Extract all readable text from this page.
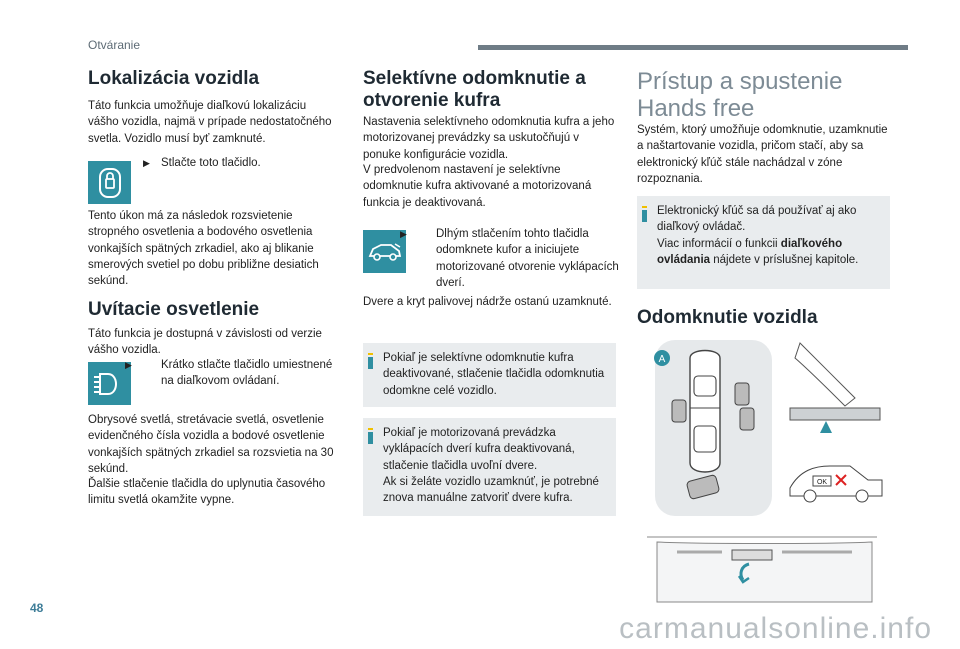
Otváranie
Lokalizácia vozidla
Táto funkcia umožňuje diaľkovú lokalizáciu vášho vozidla, najmä v prípade nedostatočného svetla. Vozidlo musí byť zamknuté.
▶ Stlačte toto tlačidlo.
Tento úkon má za následok rozsvietenie stropného osvetlenia a bodového osvetlenia vonkajších spätných zrkadiel, ako aj blikanie smerových svetiel po dobu približne desiatich sekúnd.
Uvítacie osvetlenie
Táto funkcia je dostupná v závislosti od verzie vášho vozidla.
▶	Krátko stlačte tlačidlo umiestnené na diaľkovom ovládaní.
Obrysové svetlá, stretávacie svetlá, osvetlenie evidenčného čísla vozidla a bodové osvetlenie vonkajších spätných zrkadiel sa rozsvietia na 30 sekúnd.
Ďalšie stlačenie tlačidla do uplynutia časového limitu svetlá okamžite vypne.
Selektívne odomknutie a otvorenie kufra
Nastavenia selektívneho odomknutia kufra a jeho motorizovanej prevádzky sa uskutočňujú v ponuke konfigurácie vozidla.
V predvolenom nastavení je selektívne odomknutie kufra aktivované a motorizovaná funkcia je deaktivovaná.
▶	Dlhým stlačením tohto tlačidla odomknete kufor a iniciujete motorizované otvorenie vyklápacích dverí.
Dvere a kryt palivovej nádrže ostanú uzamknuté.
Pokiaľ je selektívne odomknutie kufra deaktivované, stlačenie tlačidla odomknutia odomkne celé vozidlo.
Pokiaľ je motorizovaná prevádzka vyklápacích dverí kufra deaktivovaná, stlačenie tlačidla uvoľní dvere.
Ak si želáte vozidlo uzamknúť, je potrebné znova manuálne zatvoriť dvere kufra.
Prístup a spustenie Hands free
Systém, ktorý umožňuje odomknutie, uzamknutie a naštartovanie vozidla, pričom stačí, aby sa elektronický kľúč stále nachádzal v zóne rozpoznania.
Elektronický kľúč sa dá používať aj ako diaľkový ovládač.
Viac informácií o funkcii diaľkového ovládania nájdete v príslušnej kapitole.
Odomknutie vozidla
A
OK
48
carmanualsonline.info
